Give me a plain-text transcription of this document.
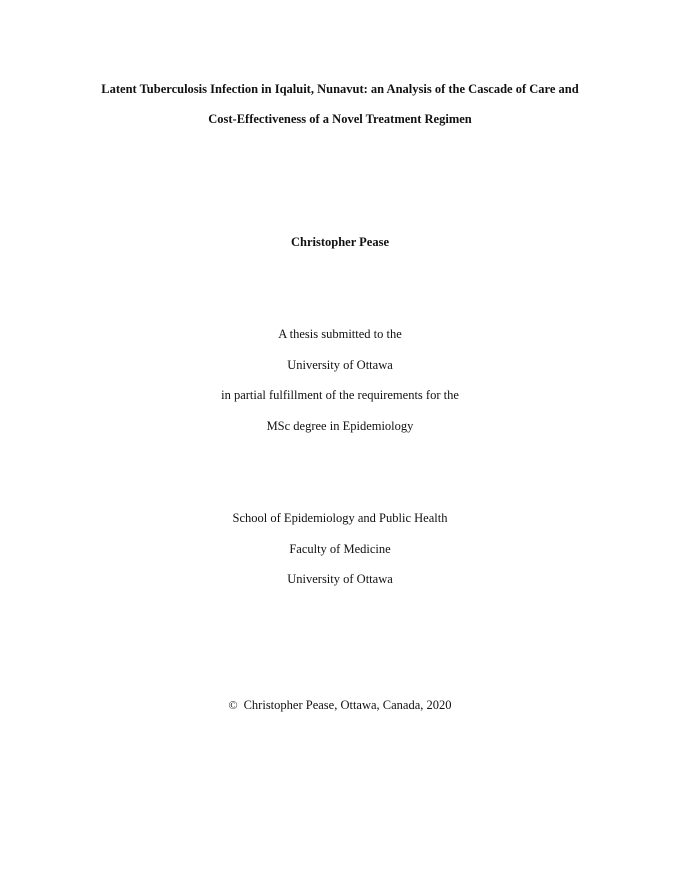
Latent Tuberculosis Infection in Iqaluit, Nunavut: an Analysis of the Cascade of Care and
Cost-Effectiveness of a Novel Treatment Regimen
Christopher Pease
A thesis submitted to the
University of Ottawa
in partial fulfillment of the requirements for the
MSc degree in Epidemiology
School of Epidemiology and Public Health
Faculty of Medicine
University of Ottawa
© Christopher Pease, Ottawa, Canada, 2020
